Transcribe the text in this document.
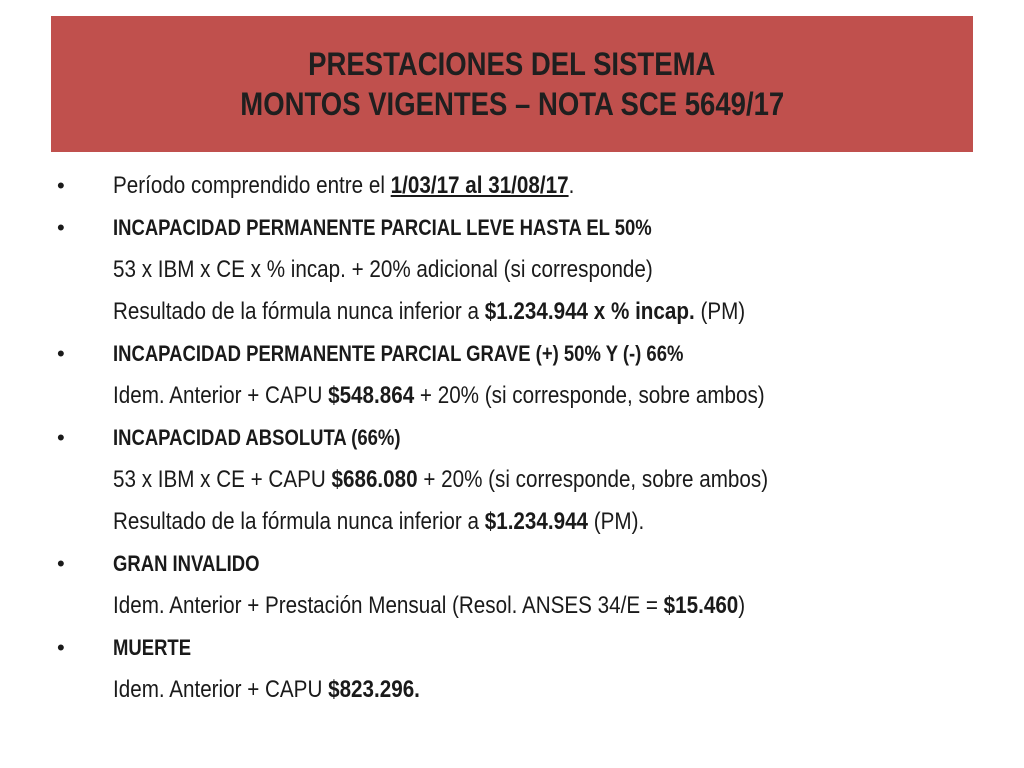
PRESTACIONES DEL SISTEMA
MONTOS VIGENTES – NOTA SCE 5649/17
• Período comprendido entre el 1/03/17 al 31/08/17.
• INCAPACIDAD PERMANENTE PARCIAL LEVE HASTA EL 50%
53 x IBM x CE x % incap. + 20% adicional (si corresponde)
Resultado de la fórmula nunca inferior a $1.234.944 x % incap. (PM)
• INCAPACIDAD PERMANENTE PARCIAL GRAVE (+) 50% Y (-) 66%
Idem. Anterior + CAPU $548.864 + 20% (si corresponde, sobre ambos)
• INCAPACIDAD ABSOLUTA (66%)
53 x IBM x CE + CAPU $686.080 + 20% (si corresponde, sobre ambos)
Resultado de la fórmula nunca inferior a $1.234.944 (PM).
• GRAN INVALIDO
Idem. Anterior + Prestación Mensual (Resol. ANSES 34/E = $15.460)
• MUERTE
Idem. Anterior + CAPU $823.296.
